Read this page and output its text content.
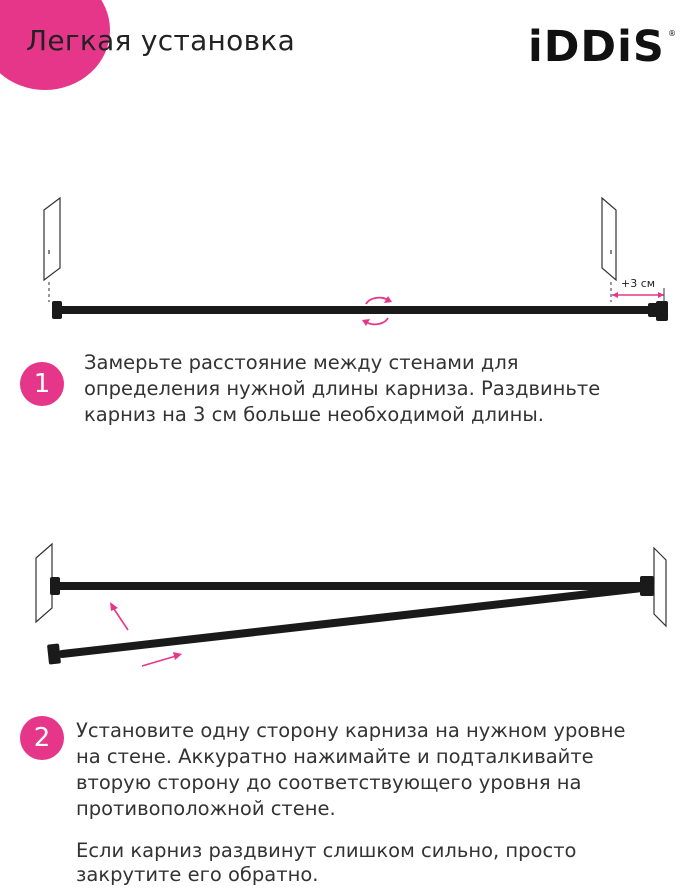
Легкая установка	iDDiS ®
+3 см
1

Замерьте расстояние между стенами для

определения нужной длины карниза. Раздвиньте

карниз на 3 см больше необходимой длины.

2	Установите одну сторону карниза на нужном уровне

на стене. Аккуратно нажимайте и подталкивайте

вторую сторону до соответствующего уровня на

противоположной стене.

Если карниз раздвинут слишком сильно, просто

закрутите его обратно.
